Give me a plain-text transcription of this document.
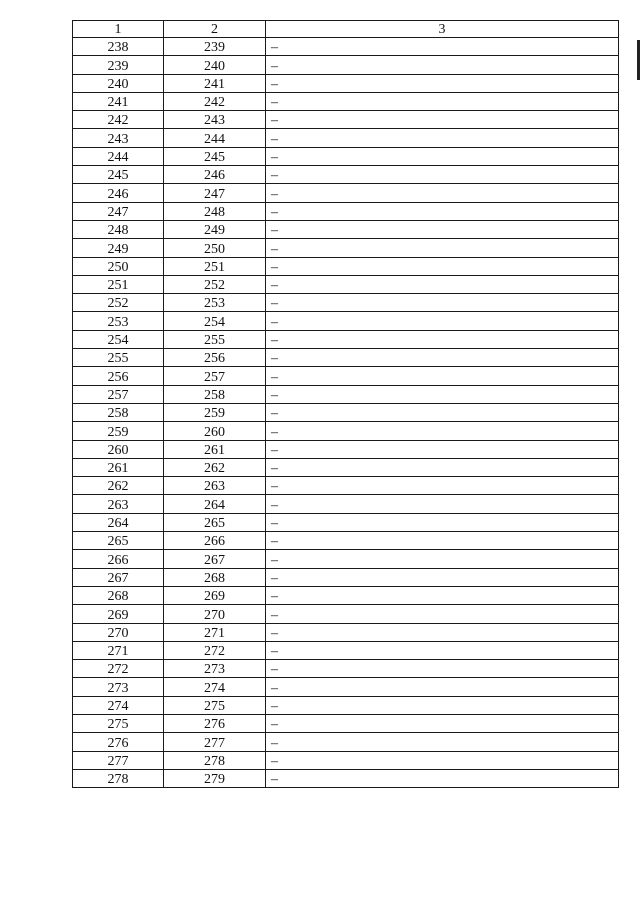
1	2	3
238	239	–
239	240	–
240	241	–
241	242	–
242	243	–
243	244	–
244	245	–
245	246	–
246	247	–
247	248	–
248	249	–
249	250	–
250	251	–
251	252	–
252	253	–
253	254	–
254	255	–
255	256	–
256	257	–
257	258	–
258	259	–
259	260	–
260	261	–
261	262	–
262	263	–
263	264	–
264	265	–
265	266	–
266	267	–
267	268	–
268	269	–
269	270	–
270	271	–
271	272	–
272	273	–
273	274	–
274	275	–
275	276	–
276	277	–
277	278	–
278	279	–
